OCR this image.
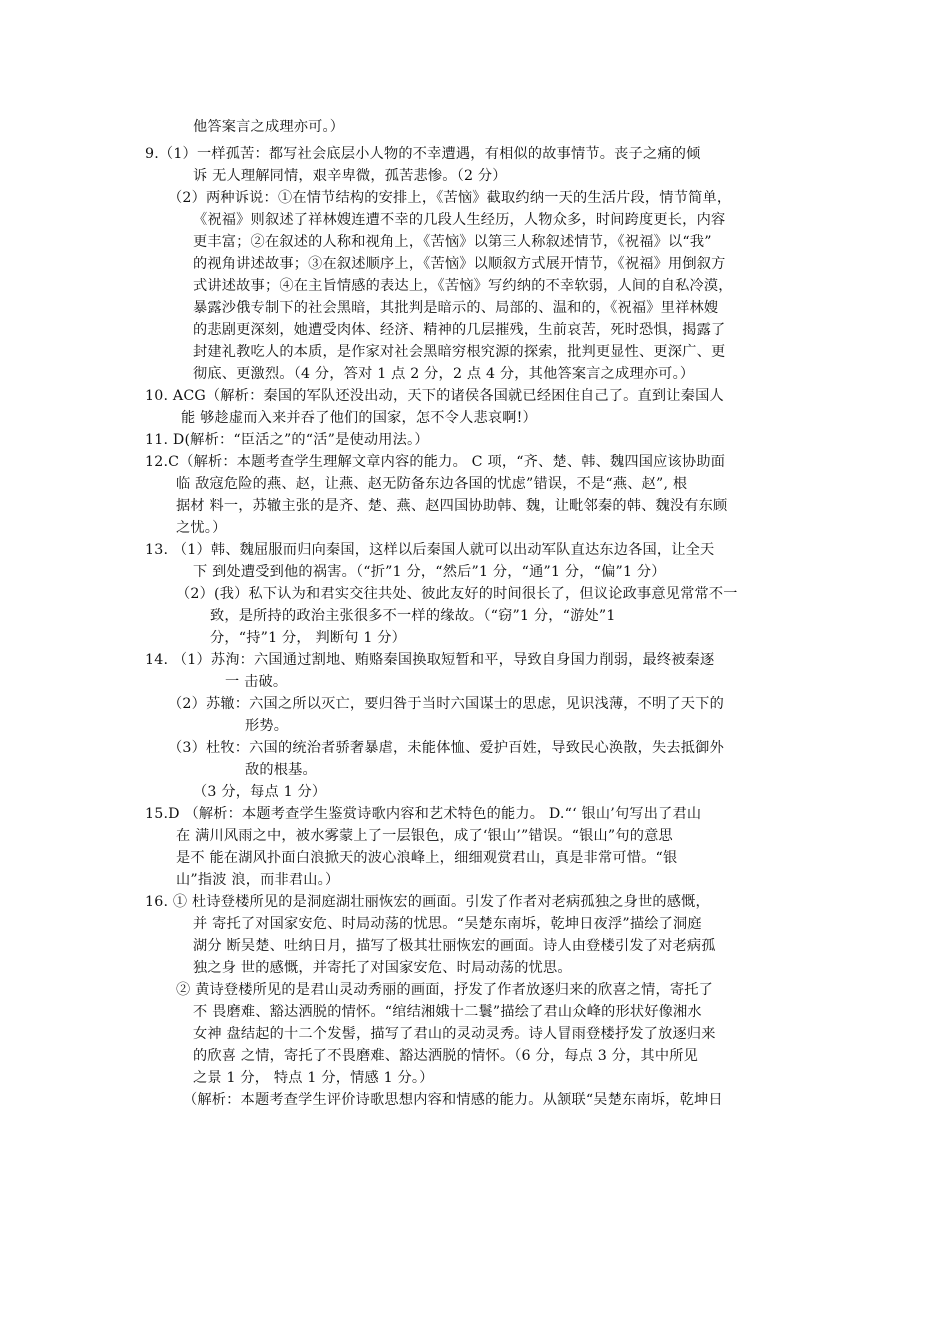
他答案言之成理亦可。）
9.（1）一样孤苦：都写社会底层小人物的不幸遭遇，有相似的故事情节。丧子之痛的倾
诉 无人理解同情，艰辛卑微，孤苦悲惨。（2 分）
（2）两种诉说：①在情节结构的安排上，《苦恼》截取约纳一天的生活片段，情节简单，
《祝福》则叙述了祥林嫂连遭不幸的几段人生经历，人物众多，时间跨度更长，内容
更丰富；②在叙述的人称和视角上，《苦恼》以第三人称叙述情节，《祝福》以“我”
的视角讲述故事；③在叙述顺序上，《苦恼》以顺叙方式展开情节，《祝福》用倒叙方
式讲述故事；④在主旨情感的表达上，《苦恼》写约纳的不幸软弱，人间的自私冷漠，
暴露沙俄专制下的社会黑暗，其批判是暗示的、局部的、温和的，《祝福》里祥林嫂
的悲剧更深刻，她遭受肉体、经济、精神的几层摧残，生前哀苦，死时恐惧，揭露了
封建礼教吃人的本质，是作家对社会黑暗穷根究源的探索，批判更显性、更深广、更
彻底、更激烈。（4 分，答对 1 点 2 分，2 点 4 分，其他答案言之成理亦可。）
10. ACG（解析：秦国的军队还没出动，天下的诸侯各国就已经困住自己了。直到让秦国人
能 够趁虚而入来并吞了他们的国家，怎不令人悲哀啊!）
11. D(解析：“臣活之”的“活”是使动用法。）
12.C（解析：本题考查学生理解文章内容的能力。 C 项，“齐、楚、韩、魏四国应该协助面
临 敌寇危险的燕、赵，让燕、赵无防备东边各国的忧虑”错误，不是“燕、赵”, 根
据材 料一，苏辙主张的是齐、楚、燕、赵四国协助韩、魏，让毗邻秦的韩、魏没有东顾
之忧。）
13. （1）韩、魏屈服而归向秦国，这样以后秦国人就可以出动军队直达东边各国，让全天
下 到处遭受到他的祸害。（“折”1 分，“然后”1 分，“通”1 分，“偏”1 分）
（2）(我）私下认为和君实交往共处、彼此友好的时间很长了，但议论政事意见常常不一
致，是所持的政治主张很多不一样的缘故。（“窃”1 分，“游处”1
分，“持”1 分， 判断句 1 分）
14. （1）苏洵：六国通过割地、贿赂秦国换取短暂和平，导致自身国力削弱，最终被秦逐
一 击破。
（2）苏辙：六国之所以灭亡，要归咎于当时六国谋士的思虑，见识浅薄，不明了天下的
形势。
（3）杜牧：六国的统治者骄奢暴虐，未能体恤、爱护百姓，导致民心涣散，失去抵御外
敌的根基。
（3 分，每点 1 分）
15.D （解析：本题考查学生鉴赏诗歌内容和艺术特色的能力。 D.“‘ 银山’句写出了君山
在 满川风雨之中，被水雾蒙上了一层银色，成了‘银山’”错误。“银山”句的意思
是不 能在湖风扑面白浪掀天的波心浪峰上，细细观赏君山，真是非常可惜。“银
山”指波 浪，而非君山。）
16. ① 杜诗登楼所见的是洞庭湖壮丽恢宏的画面。引发了作者对老病孤独之身世的感慨，
并 寄托了对国家安危、时局动荡的忧思。“吴楚东南坼，乾坤日夜浮”描绘了洞庭
湖分 断吴楚、吐纳日月，描写了极其壮丽恢宏的画面。诗人由登楼引发了对老病孤
独之身 世的感慨，并寄托了对国家安危、时局动荡的忧思。
② 黄诗登楼所见的是君山灵动秀丽的画面，抒发了作者放逐归来的欣喜之情，寄托了
不 畏磨难、豁达洒脱的情怀。“绾结湘娥十二鬟”描绘了君山众峰的形状好像湘水
女神 盘结起的十二个发髻，描写了君山的灵动灵秀。诗人冒雨登楼抒发了放逐归来
的欣喜 之情，寄托了不畏磨难、豁达洒脱的情怀。（6 分，每点 3 分，其中所见
之景 1 分， 特点 1 分，情感 1 分。）
（解析：本题考查学生评价诗歌思想内容和情感的能力。从颔联“吴楚东南坼，乾坤日
